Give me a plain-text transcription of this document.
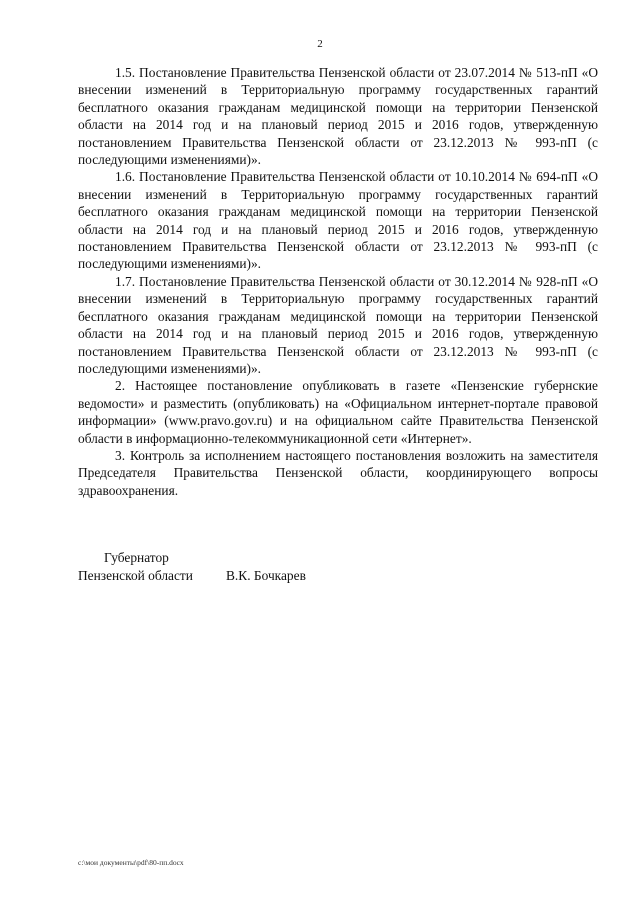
2

1.5. Постановление Правительства Пензенской области от 23.07.2014 № 513-пП «О внесении изменений в Территориальную программу государственных гарантий бесплатного оказания гражданам медицинской помощи на территории Пензенской области на 2014 год и на плановый период 2015 и 2016 годов, утвержденную постановлением Правительства Пензенской области от 23.12.2013 № 993-пП (с последующими изменениями)».

1.6. Постановление Правительства Пензенской области от 10.10.2014 № 694-пП «О внесении изменений в Территориальную программу государственных гарантий бесплатного оказания гражданам медицинской помощи на территории Пензенской области на 2014 год и на плановый период 2015 и 2016 годов, утвержденную постановлением Правительства Пензенской области от 23.12.2013 № 993-пП (с последующими изменениями)».

1.7. Постановление Правительства Пензенской области от 30.12.2014 № 928-пП «О внесении изменений в Территориальную программу государственных гарантий бесплатного оказания гражданам медицинской помощи на территории Пензенской области на 2014 год и на плановый период 2015 и 2016 годов, утвержденную постановлением Правительства Пензенской области от 23.12.2013 № 993-пП (с последующими изменениями)».

2. Настоящее постановление опубликовать в газете «Пензенские губернские ведомости» и разместить (опубликовать) на «Официальном интернет-портале правовой информации» (www.pravo.gov.ru) и на официальном сайте Правительства Пензенской области в информационно-телекоммуникационной сети «Интернет».

3. Контроль за исполнением настоящего постановления возложить на заместителя Председателя Правительства Пензенской области, координирующего вопросы здравоохранения.

Губернатор

Пензенской области В.К. Бочкарев

c:\мои документы\pdf\80-пп.docx
